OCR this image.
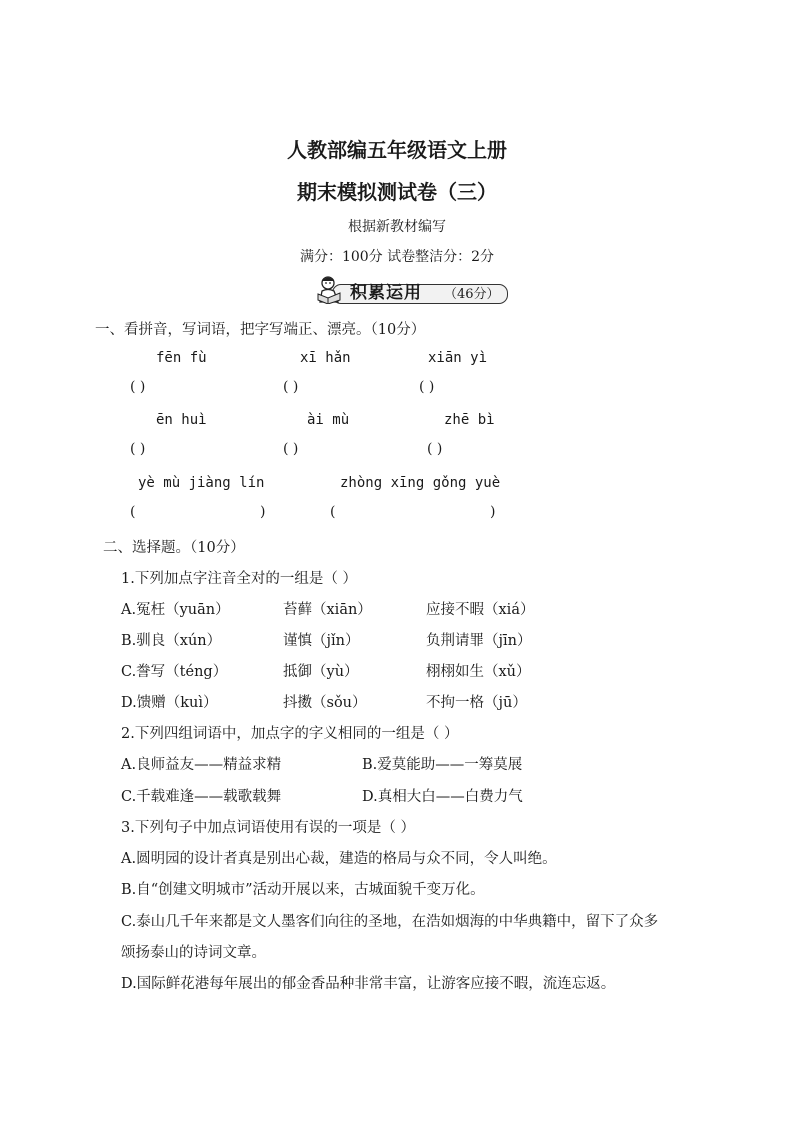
人教部编五年级语文上册
期末模拟测试卷（三）
根据新教材编写
满分：100分 试卷整洁分：2分
积累运用 （46分）
一、看拼音，写词语，把字写端正、漂亮。（10分）
fēn fù	xī hǎn	xiān yì
( )	( )	( )
ēn huì	ài mù	zhē bì
( )	( )	( )
yè mù jiàng lín	zhòng xīng gǒng yuè
(	)	(	)
二、选择题。（10分）
1.下列加点字注音全对的一组是（ ）
A.冤枉（yuān）	苔藓（xiān）	应接不暇（xiá）
B.驯良（xún）	谨慎（jǐn）	负荆请罪（jīn）
C.誊写（téng）	抵御（yù）	栩栩如生（xǔ）
D.馈赠（kuì）	抖擞（sǒu）	不拘一格（jū）
2.下列四组词语中，加点字的字义相同的一组是（ ）
A.良师益友——精益求精	B.爱莫能助——一筹莫展
C.千载难逢——载歌载舞	D.真相大白——白费力气
3.下列句子中加点词语使用有误的一项是（ ）
A.圆明园的设计者真是别出心裁，建造的格局与众不同，令人叫绝。
B.自“创建文明城市”活动开展以来，古城面貌千变万化。
C.泰山几千年来都是文人墨客们向往的圣地，在浩如烟海的中华典籍中，留下了众多
颂扬泰山的诗词文章。
D.国际鲜花港每年展出的郁金香品种非常丰富，让游客应接不暇，流连忘返。
